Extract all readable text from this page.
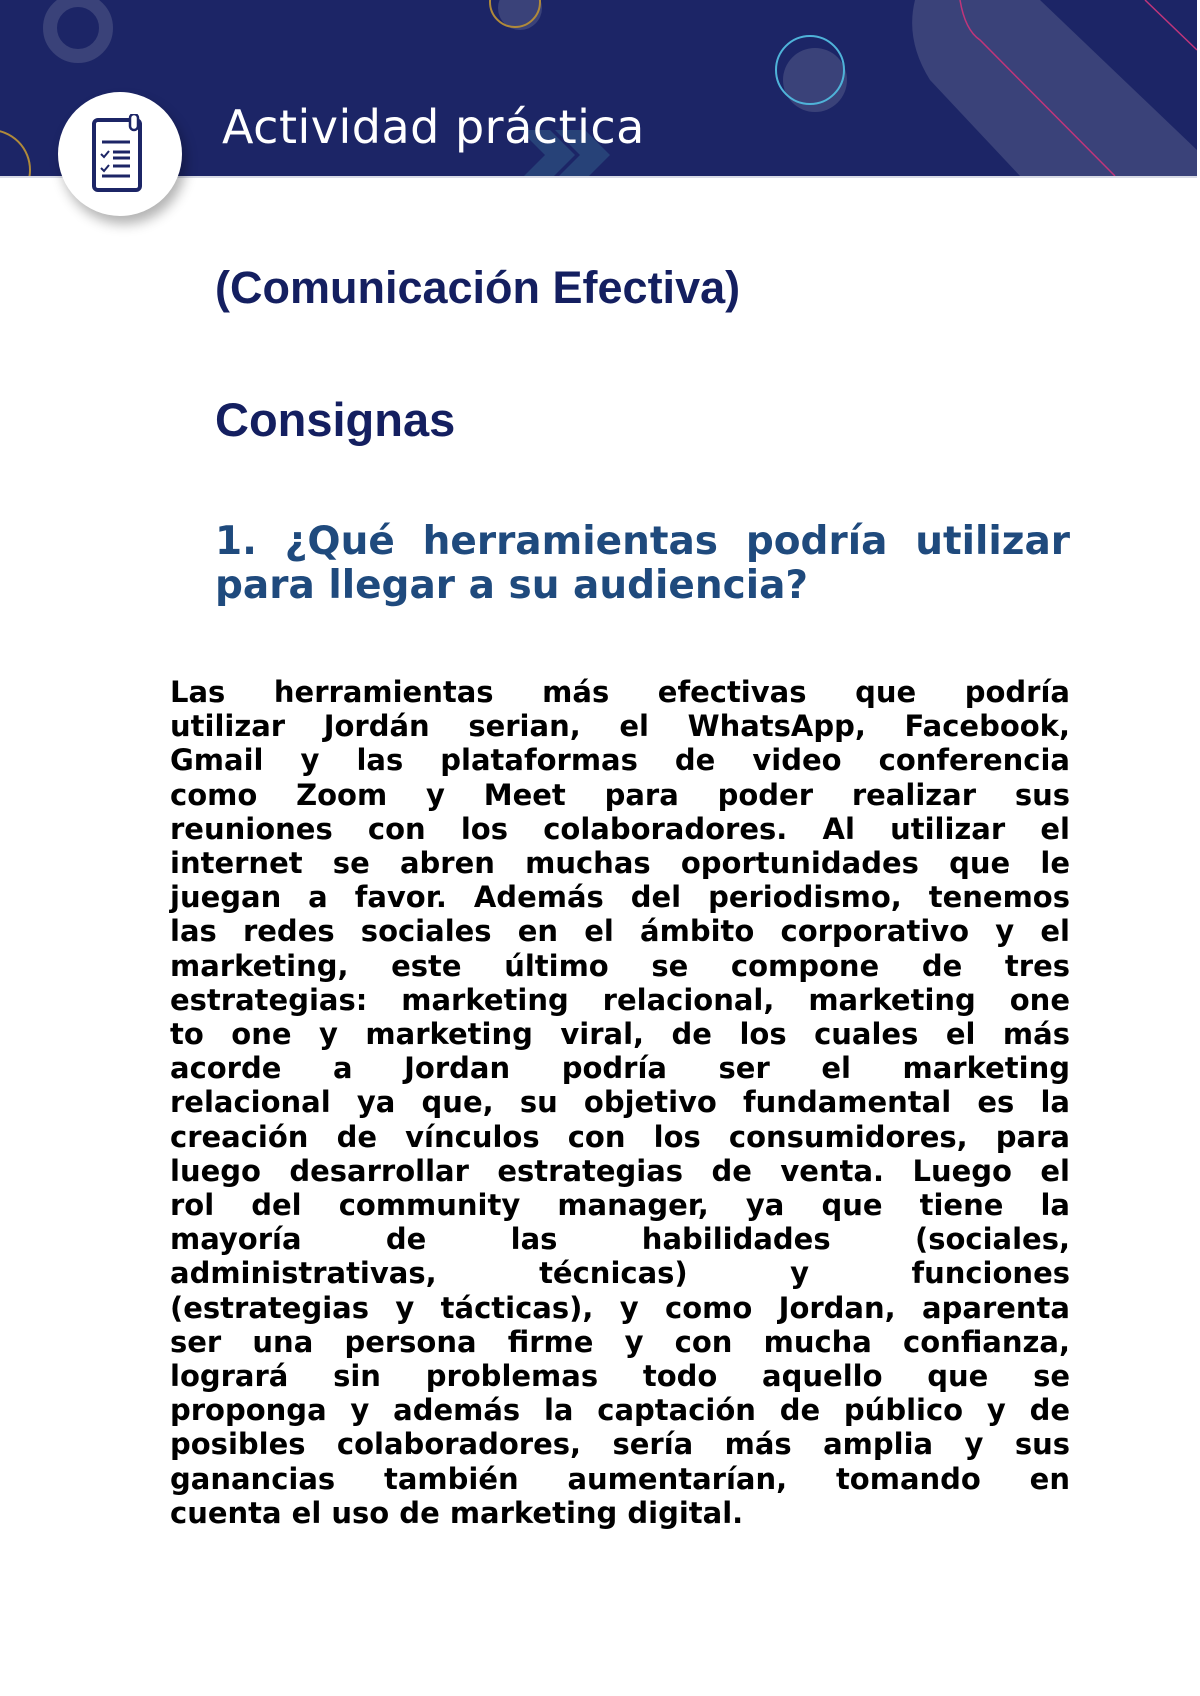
Actividad práctica
(Comunicación Efectiva)
Consignas
1. ¿Qué herramientas podría utilizar
para llegar a su audiencia?
Las herramientas más efectivas que podría
utilizar Jordán serian, el WhatsApp, Facebook,
Gmail y las plataformas de video conferencia
como Zoom y Meet para poder realizar sus
reuniones con los colaboradores. Al utilizar el
internet se abren muchas oportunidades que le
juegan a favor. Además del periodismo, tenemos
las redes sociales en el ámbito corporativo y el
marketing, este último se compone de tres
estrategias: marketing relacional, marketing one
to one y marketing viral, de los cuales el más
acorde a Jordan podría ser el marketing
relacional ya que, su objetivo fundamental es la
creación de vínculos con los consumidores, para
luego desarrollar estrategias de venta. Luego el
rol del community manager, ya que tiene la
mayoría de las habilidades (sociales,
administrativas, técnicas) y funciones
(estrategias y tácticas), y como Jordan, aparenta
ser una persona firme y con mucha confianza,
logrará sin problemas todo aquello que se
proponga y además la captación de público y de
posibles colaboradores, sería más amplia y sus
ganancias también aumentarían, tomando en
cuenta el uso de marketing digital.
